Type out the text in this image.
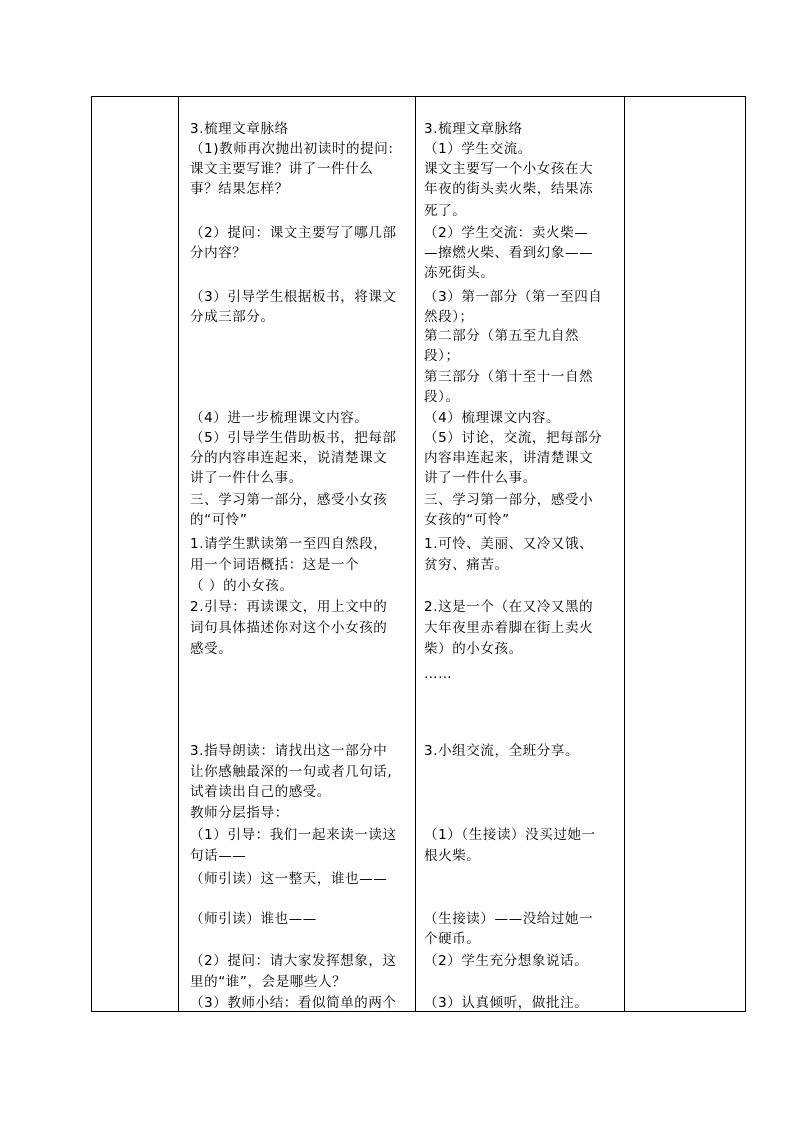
3.梳理文章脉络
（1)教师再次抛出初读时的提问:
课文主要写谁？讲了一件什么
事？结果怎样？
（2）提问：课文主要写了哪几部
分内容？
（3）引导学生根据板书，将课文
分成三部分。
（4）进一步梳理课文内容。
（5）引导学生借助板书，把每部
分的内容串连起来，说清楚课文
讲了一件什么事。
三、学习第一部分，感受小女孩
的“可怜”
1.请学生默读第一至四自然段，
用一个词语概括：这是一个
（ ）的小女孩。
2.引导：再读课文，用上文中的
词句具体描述你对这个小女孩的
感受。
3.指导朗读：请找出这一部分中
让你感触最深的一句或者几句话,
试着读出自己的感受。
教师分层指导：
（1）引导：我们一起来读一读这
句话——
（师引读）这一整天，谁也——
（师引读）谁也——
（2）提问：请大家发挥想象，这
里的“谁”，会是哪些人？
（3）教师小结：看似简单的两个
3.梳理文章脉络
（1）学生交流。
课文主要写一个小女孩在大
年夜的街头卖火柴，结果冻
死了。
（2）学生交流：卖火柴—
—擦燃火柴、看到幻象——
冻死街头。
（3）第一部分（第一至四自
然段）；
第二部分（第五至九自然
段）；
第三部分（第十至十一自然
段）。
（4）梳理课文内容。
（5）讨论，交流，把每部分
内容串连起来，讲清楚课文
讲了一件什么事。
三、学习第一部分，感受小
女孩的“可怜”
1.可怜、美丽、又冷又饿、
贫穷、痛苦。
2.这是一个（在又冷又黑的
大年夜里赤着脚在街上卖火
柴）的小女孩。
……
3.小组交流，全班分享。
（1）（生接读）没买过她一
根火柴。
（生接读）——没给过她一
个硬币。
（2）学生充分想象说话。
（3）认真倾听，做批注。
